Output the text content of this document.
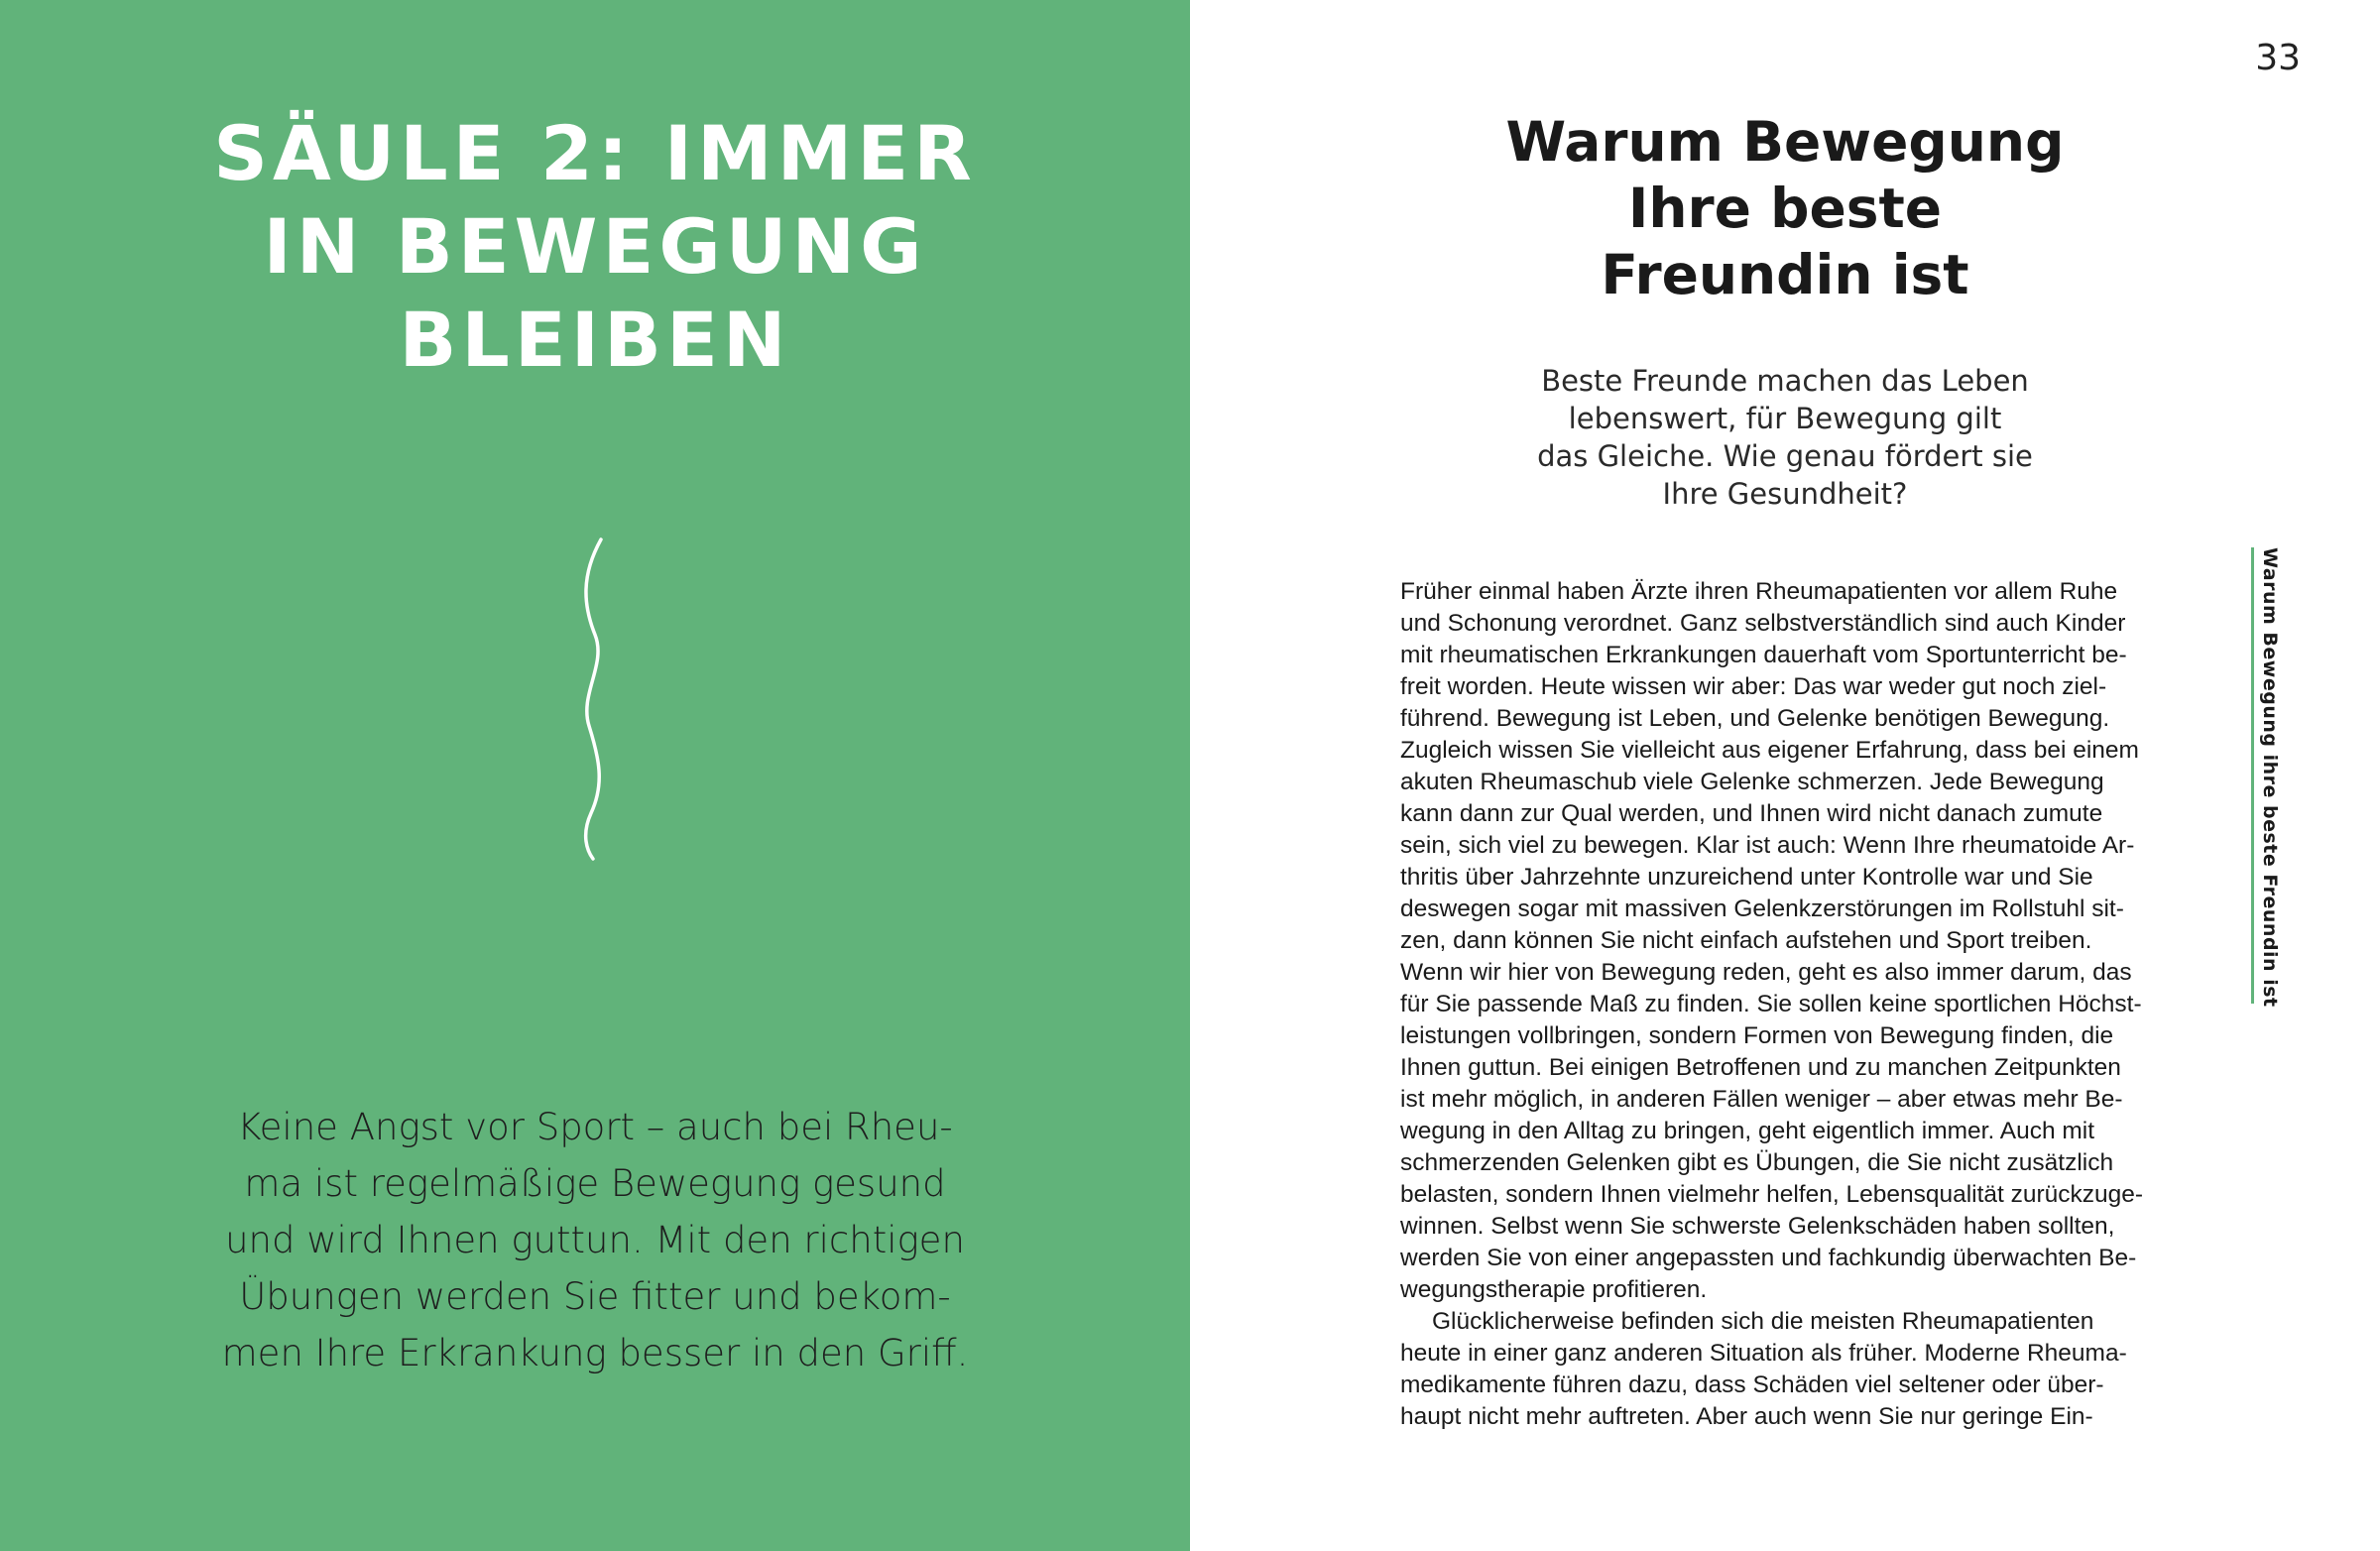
SÄULE 2: IMMER
IN BEWEGUNG
BLEIBEN

Keine Angst vor Sport – auch bei Rheu-
ma ist regelmäßige Bewegung gesund
und wird Ihnen guttun. Mit den richtigen
Übungen werden Sie fitter und bekom-
men Ihre Erkrankung besser in den Griff.

33
Warum Bewegung
Ihre beste
Freundin ist

Beste Freunde machen das Leben
lebenswert, für Bewegung gilt
das Gleiche. Wie genau fördert sie
Ihre Gesundheit?

Früher einmal haben Ärzte ihren Rheumapatienten vor allem Ruhe
und Schonung verordnet. Ganz selbstverständlich sind auch Kinder
mit rheumatischen Erkrankungen dauerhaft vom Sportunterricht be-
freit worden. Heute wissen wir aber: Das war weder gut noch ziel-
führend. Bewegung ist Leben, und Gelenke benötigen Bewegung.
Zugleich wissen Sie vielleicht aus eigener Erfahrung, dass bei einem
akuten Rheumaschub viele Gelenke schmerzen. Jede Bewegung
kann dann zur Qual werden, und Ihnen wird nicht danach zumute
sein, sich viel zu bewegen. Klar ist auch: Wenn Ihre rheumatoide Ar-
thritis über Jahrzehnte unzureichend unter Kontrolle war und Sie
deswegen sogar mit massiven Gelenkzerstörungen im Rollstuhl sit-
zen, dann können Sie nicht einfach aufstehen und Sport treiben.
Wenn wir hier von Bewegung reden, geht es also immer darum, das
für Sie passende Maß zu finden. Sie sollen keine sportlichen Höchst-
leistungen vollbringen, sondern Formen von Bewegung finden, die
Ihnen guttun. Bei einigen Betroffenen und zu manchen Zeitpunkten
ist mehr möglich, in anderen Fällen weniger – aber etwas mehr Be-
wegung in den Alltag zu bringen, geht eigentlich immer. Auch mit
schmerzenden Gelenken gibt es Übungen, die Sie nicht zusätzlich
belasten, sondern Ihnen vielmehr helfen, Lebensqualität zurückzuge-
winnen. Selbst wenn Sie schwerste Gelenkschäden haben sollten,
werden Sie von einer angepassten und fachkundig überwachten Be-
wegungstherapie profitieren.
Glücklicherweise befinden sich die meisten Rheumapatienten
heute in einer ganz anderen Situation als früher. Moderne Rheuma-
medikamente führen dazu, dass Schäden viel seltener oder über-
haupt nicht mehr auftreten. Aber auch wenn Sie nur geringe Ein-
Warum Bewegung ihre beste Freundin ist
